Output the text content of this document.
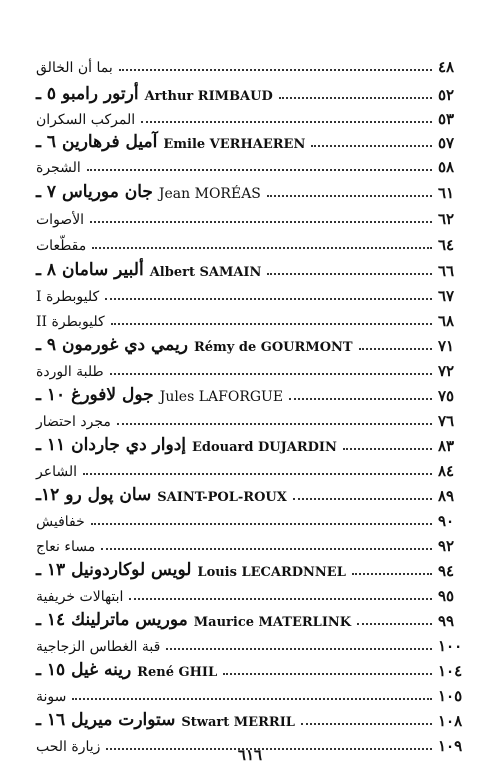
بما أن الخالق	٤٨
٥ ـ أرتور رامبو Arthur RIMBAUD	٥٢
المركب السكران	٥٣
٦ ـ آميل فرهارين Emile VERHAEREN	٥٧
الشجرة	٥٨
٧ ـ جان موریاس Jean MORÉAS	٦١
الأصوات	٦٢
مقطّعات	٦٤
٨ ـ ألبير سامان Albert SAMAIN	٦٦
كليوبطرة I	٦٧
كليوبطرة II	٦٨
٩ ـ ريمي دي غورمون Rémy de GOURMONT	٧١
طلبة الوردة	٧٢
١٠ ـ جول لافورغ Jules LAFORGUE	٧٥
مجرد احتضار	٧٦
١١ ـ إدوار دي جاردان Edouard DUJARDIN	٨٣
الشاعر	٨٤
١٢ـ سان پول رو SAINT-POL-ROUX	٨٩
خفافيش	٩٠
مساء نعاج	٩٢
١٣ ـ لويس لوكاردونيل Louis LECARDNNEL	٩٤
ابتهالات خريفية	٩٥
١٤ ـ موريس ماترلينك Maurice MATERLINK	٩٩
قبة الغطاس الزجاجية	١٠٠
١٥ ـ رينه غيل René GHIL	١٠٤
سونة	١٠٥
١٦ ـ ستوارت ميريل Stwart MERRIL	١٠٨
زيارة الحب	١٠٩
٦١٦
